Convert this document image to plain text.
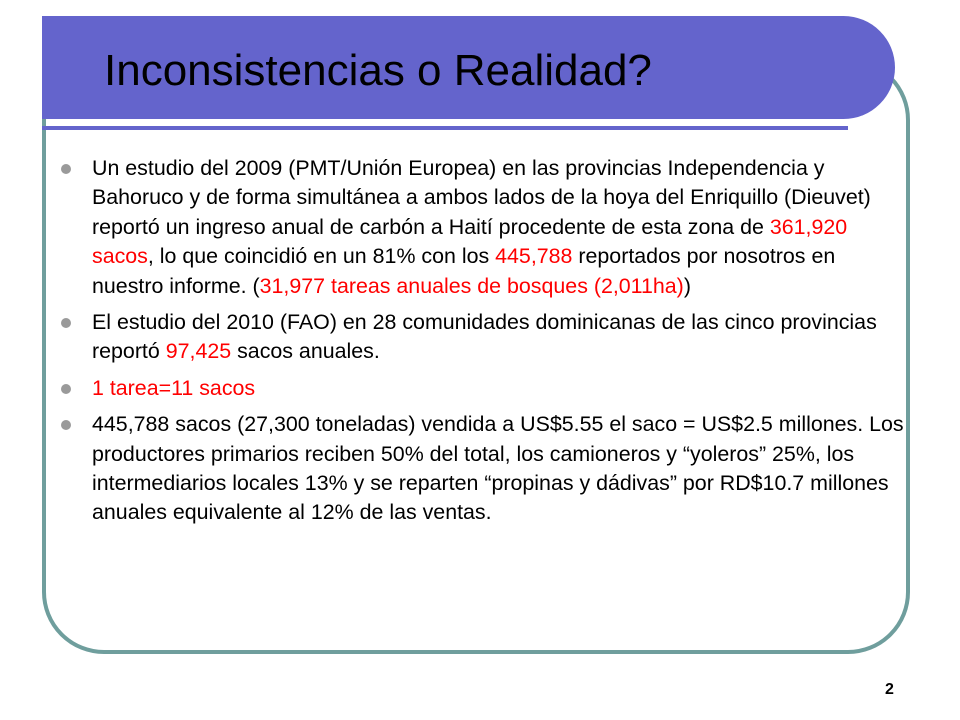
Inconsistencias o Realidad?
Un estudio del 2009 (PMT/Unión Europea) en las provincias Independencia y Bahoruco y de forma simultánea a ambos lados de la hoya del Enriquillo (Dieuvet) reportó un ingreso anual de carbón a Haití procedente de esta zona de 361,920 sacos, lo que coincidió en un 81% con los 445,788 reportados por nosotros en nuestro informe. (31,977 tareas anuales de bosques (2,011ha))
El estudio del 2010 (FAO) en 28 comunidades dominicanas de las cinco provincias reportó 97,425 sacos anuales.
1 tarea=11 sacos
445,788 sacos (27,300 toneladas) vendida a US$5.55 el saco = US$2.5 millones. Los productores primarios reciben 50% del total, los camioneros y “yoleros” 25%, los intermediarios locales 13% y se reparten “propinas y dádivas” por RD$10.7 millones anuales equivalente al 12% de las ventas.
2
